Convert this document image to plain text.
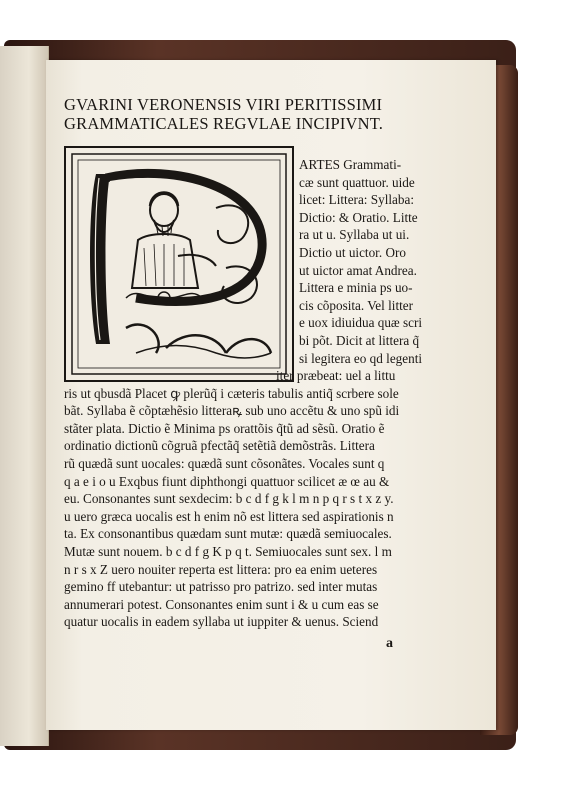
GVARINI VERONENSIS VIRI PERITISSIMI
GRAMMATICALES REGVLAE INCIPIVNT.
ARTES Grammati-
cæ sunt quattuor. uide
licet: Littera: Syllaba:
Dictio: & Oratio. Litte
ra ut u. Syllaba ut ui.
Dictio ut uictor. Oro
ut uictor amat Andrea.
Littera e minia ps uo-
cis cõposita. Vel litter
e uox idiuidua quæ scri
bi põt. Dicit at littera q̃
si legitera eo qd legenti
iter præbeat: uel a littu
ris ut qbusdã Placet ꝙ plerũq̃ i cæteris tabulis antiq̃ scrbere sole
bãt. Syllaba ẽ cõptæhẽsio litteraꝶ sub uno accẽtu & uno spũ idi
stãter plata. Dictio ẽ Minima ps orattõis q̃tũ ad sẽsũ. Oratio ẽ
ordinatio dictionũ cõgruã pfectãq̃ setẽtiã demõstrãs. Littera
rũ quædã sunt uocales: quædã sunt cõsonãtes. Vocales sunt q
q a e i o u Exqbus fiunt diphthongi quattuor scilicet æ œ au &
eu. Consonantes sunt sexdecim: b c d f g k l m n p q r s t x z y.
u uero græca uocalis est h enim nõ est littera sed aspirationis n
ta. Ex consonantibus quædam sunt mutæ: quædã semiuocales.
Mutæ sunt nouem. b c d f g K p q t. Semiuocales sunt sex. l m
n r s x Z uero nouiter reperta est littera: pro ea enim ueteres
gemino ff utebantur: ut patrisso pro patrizo. sed inter mutas
annumerari potest. Consonantes enim sunt i & u cum eas se
quatur uocalis in eadem syllaba ut iuppiter & uenus. Sciend
a
